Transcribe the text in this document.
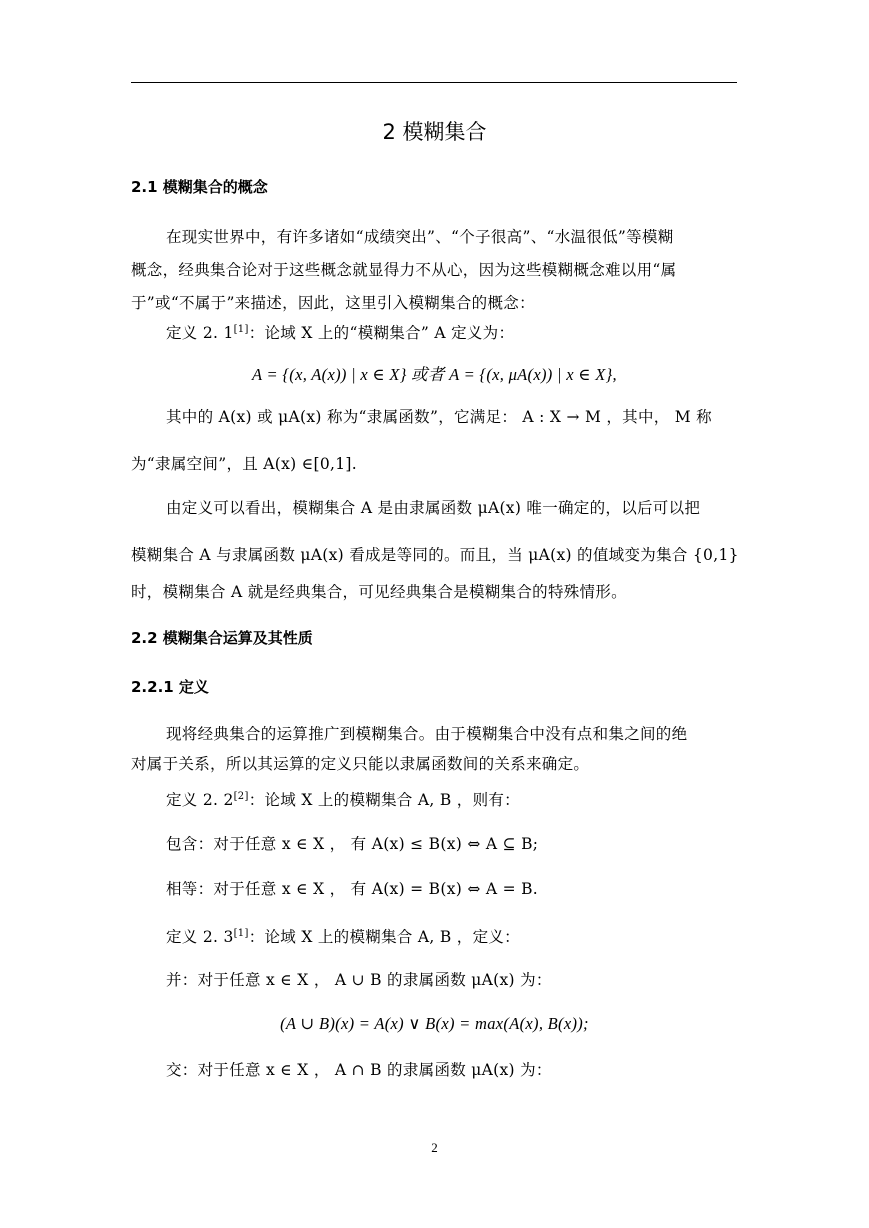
2 模糊集合
2.1 模糊集合的概念
在现实世界中，有许多诸如“成绩突出”、“个子很高”、“水温很低”等模糊
概念，经典集合论对于这些概念就显得力不从心，因为这些模糊概念难以用“属
于”或“不属于”来描述，因此，这里引入模糊集合的概念：
定义 2. 1[1]：论域 X 上的“模糊集合” A 定义为：
A = {(x, A(x)) | x ∈ X} 或者 A = {(x, μA(x)) | x ∈ X},
其中的 A(x) 或 μA(x) 称为“隶属函数”，它满足： A : X → M ，其中， M 称
为“隶属空间”，且 A(x) ∈[0,1].
由定义可以看出，模糊集合 A 是由隶属函数 μA(x) 唯一确定的，以后可以把
模糊集合 A 与隶属函数 μA(x) 看成是等同的。而且，当 μA(x) 的值域变为集合 {0,1}
时，模糊集合 A 就是经典集合，可见经典集合是模糊集合的特殊情形。
2.2 模糊集合运算及其性质
2.2.1 定义
现将经典集合的运算推广到模糊集合。由于模糊集合中没有点和集之间的绝
对属于关系，所以其运算的定义只能以隶属函数间的关系来确定。
定义 2. 2[2]：论域 X 上的模糊集合 A, B ，则有：
包含：对于任意 x ∈ X ， 有 A(x) ≤ B(x) ⇔ A ⊆ B;
相等：对于任意 x ∈ X ， 有 A(x) = B(x) ⇔ A = B.
定义 2. 3[1]：论域 X 上的模糊集合 A, B ，定义：
并：对于任意 x ∈ X ， A ∪ B 的隶属函数 μA(x) 为：
(A ∪ B)(x) = A(x) ∨ B(x) = max(A(x), B(x));
交：对于任意 x ∈ X ， A ∩ B 的隶属函数 μA(x) 为：
2
